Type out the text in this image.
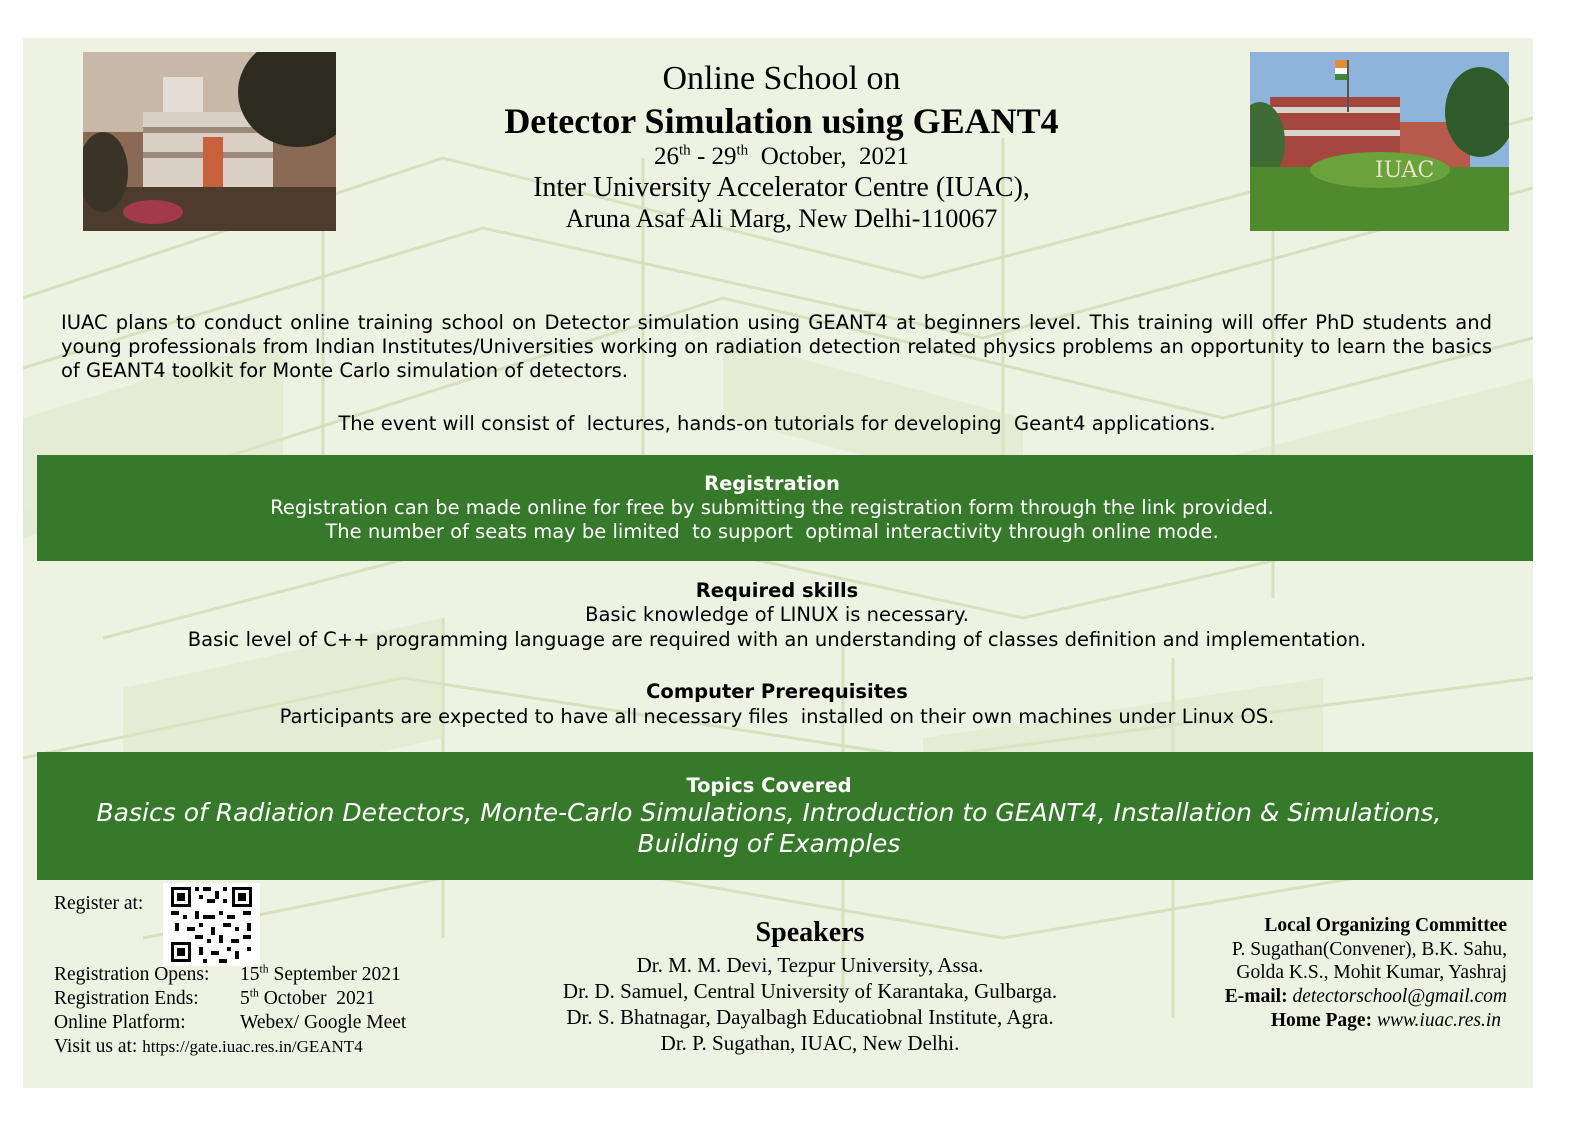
IUAC
Online School on
Detector Simulation using GEANT4
26th - 29th  October,  2021
Inter University Accelerator Centre (IUAC),
Aruna Asaf Ali Marg, New Delhi-110067
IUAC plans to conduct online training school on Detector simulation using GEANT4 at beginners level. This training will offer PhD students and young professionals from Indian Institutes/Universities working on radiation detection related physics problems an opportunity to learn the basics of GEANT4 toolkit for Monte Carlo simulation of detectors.
The event will consist of  lectures, hands-on tutorials for developing  Geant4 applications.
Registration
Registration can be made online for free by submitting the registration form through the link provided.
The number of seats may be limited  to support  optimal interactivity through online mode.
Required skills
Basic knowledge of LINUX is necessary.
Basic level of C++ programming language are required with an understanding of classes definition and implementation.
Computer Prerequisites
Participants are expected to have all necessary files  installed on their own machines under Linux OS.
Topics Covered
Basics of Radiation Detectors, Monte-Carlo Simulations, Introduction to GEANT4, Installation & Simulations,
Building of Examples
Register at:
Registration Opens: 15th September 2021
Registration Ends: 5th October  2021
Online Platform:	Webex/ Google Meet
Visit us at: https://gate.iuac.res.in/GEANT4
Speakers
Dr. M. M. Devi, Tezpur University, Assa.
Dr. D. Samuel, Central University of Karantaka, Gulbarga.
Dr. S. Bhatnagar, Dayalbagh Educatiobnal Institute, Agra.
Dr. P. Sugathan, IUAC, New Delhi.
Local Organizing Committee
P. Sugathan(Convener), B.K. Sahu,
Golda K.S., Mohit Kumar, Yashraj
E-mail: detectorschool@gmail.com
Home Page: www.iuac.res.in
